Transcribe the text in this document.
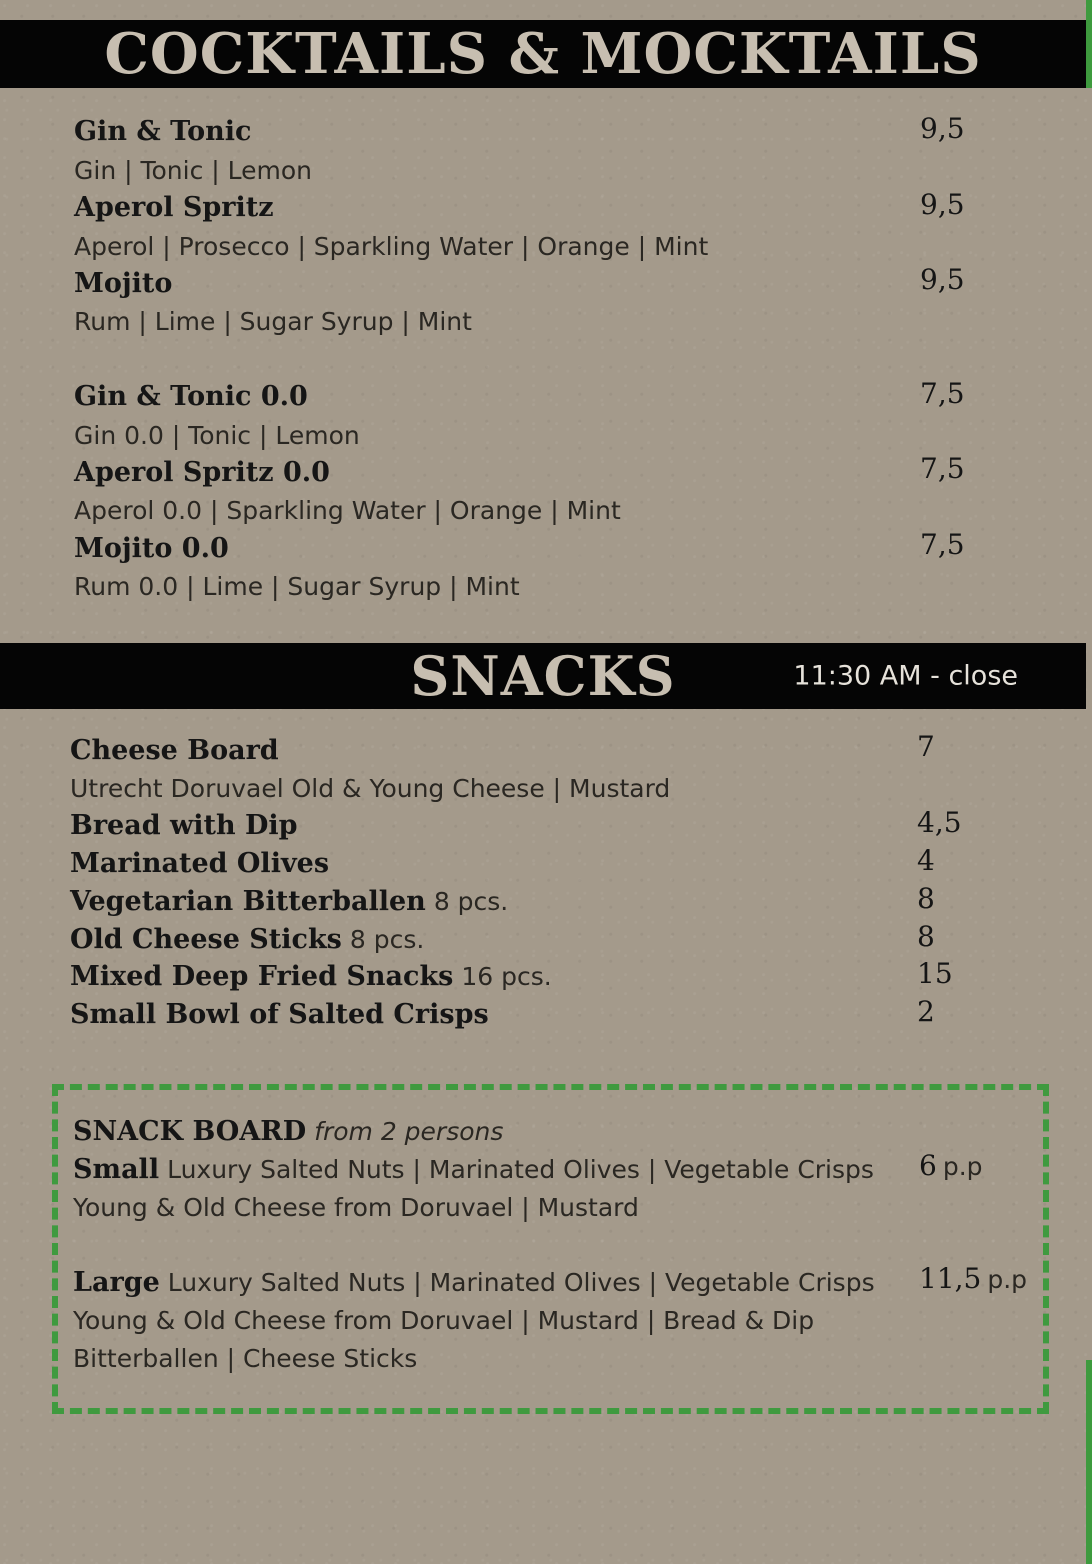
COCKTAILS & MOCKTAILS
Gin & Tonic	9,5
Gin | Tonic | Lemon
Aperol Spritz	9,5
Aperol | Prosecco | Sparkling Water | Orange | Mint
Mojito	9,5
Rum | Lime | Sugar Syrup | Mint
Gin & Tonic 0.0	7,5
Gin 0.0 | Tonic | Lemon
Aperol Spritz 0.0	7,5
Aperol 0.0 | Sparkling Water | Orange | Mint
Mojito 0.0	7,5
Rum 0.0 | Lime | Sugar Syrup | Mint
SNACKS	11:30 AM - close
Cheese Board	7
Utrecht Doruvael Old & Young Cheese | Mustard
Bread with Dip	4,5
Marinated Olives	4
Vegetarian Bitterballen 8 pcs.	8
Old Cheese Sticks 8 pcs.	8
Mixed Deep Fried Snacks 16 pcs.	15
Small Bowl of Salted Crisps	2
SNACK BOARD from 2 persons
Small Luxury Salted Nuts | Marinated Olives | Vegetable Crisps 6 p.p
Young & Old Cheese from Doruvael | Mustard
Large Luxury Salted Nuts | Marinated Olives | Vegetable Crisps 11,5 p.p
Young & Old Cheese from Doruvael | Mustard | Bread & Dip
Bitterballen | Cheese Sticks
